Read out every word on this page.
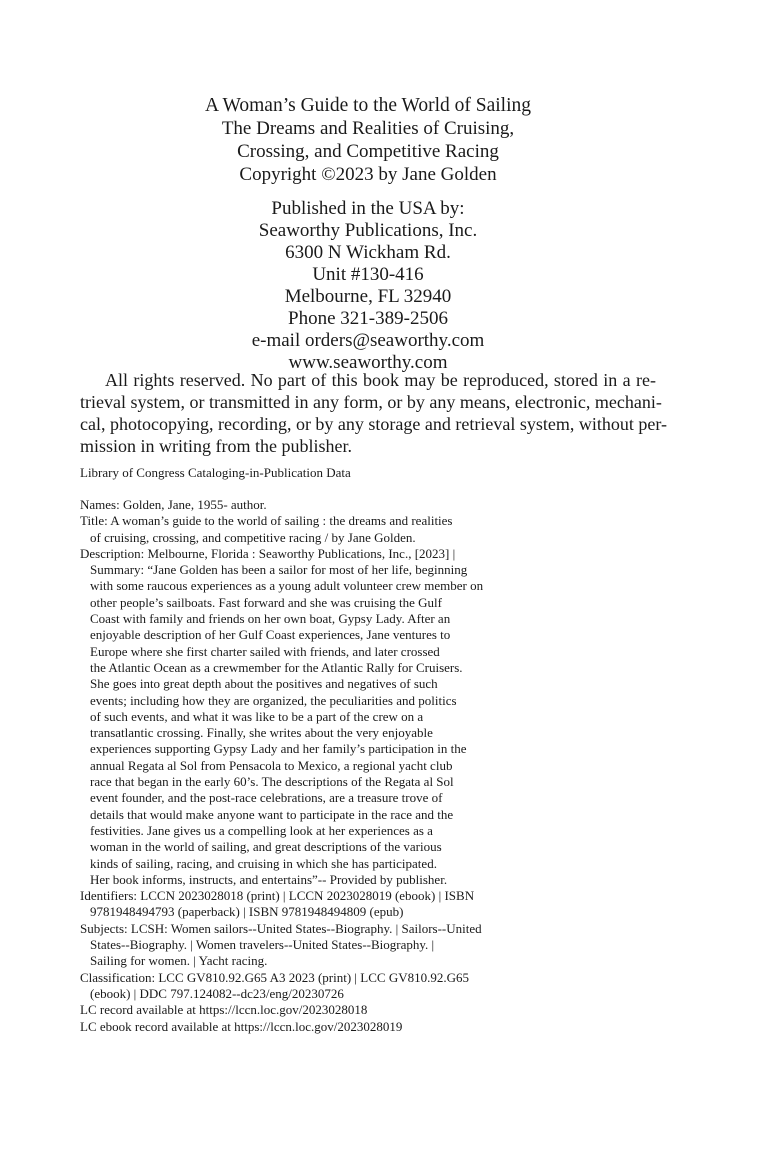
A Woman’s Guide to the World of Sailing
The Dreams and Realities of Cruising,
Crossing, and Competitive Racing
Copyright ©2023 by Jane Golden
Published in the USA by:
Seaworthy Publications, Inc.
6300 N Wickham Rd.
Unit #130-416
Melbourne, FL 32940
Phone 321-389-2506
e-mail orders@seaworthy.com
www.seaworthy.com
All rights reserved. No part of this book may be reproduced, stored in a re-
trieval system, or transmitted in any form, or by any means, electronic, mechani-
cal, photocopying, recording, or by any storage and retrieval system, without per-
mission in writing from the publisher.
Library of Congress Cataloging-in-Publication Data
Names: Golden, Jane, 1955- author.
Title: A woman’s guide to the world of sailing : the dreams and realities
of cruising, crossing, and competitive racing / by Jane Golden.
Description: Melbourne, Florida : Seaworthy Publications, Inc., [2023] |
Summary: “Jane Golden has been a sailor for most of her life, beginning
with some raucous experiences as a young adult volunteer crew member on
other people’s sailboats. Fast forward and she was cruising the Gulf
Coast with family and friends on her own boat, Gypsy Lady. After an
enjoyable description of her Gulf Coast experiences, Jane ventures to
Europe where she first charter sailed with friends, and later crossed
the Atlantic Ocean as a crewmember for the Atlantic Rally for Cruisers.
She goes into great depth about the positives and negatives of such
events; including how they are organized, the peculiarities and politics
of such events, and what it was like to be a part of the crew on a
transatlantic crossing. Finally, she writes about the very enjoyable
experiences supporting Gypsy Lady and her family’s participation in the
annual Regata al Sol from Pensacola to Mexico, a regional yacht club
race that began in the early 60’s. The descriptions of the Regata al Sol
event founder, and the post-race celebrations, are a treasure trove of
details that would make anyone want to participate in the race and the
festivities. Jane gives us a compelling look at her experiences as a
woman in the world of sailing, and great descriptions of the various
kinds of sailing, racing, and cruising in which she has participated.
Her book informs, instructs, and entertains”-- Provided by publisher.
Identifiers: LCCN 2023028018 (print) | LCCN 2023028019 (ebook) | ISBN
9781948494793 (paperback) | ISBN 9781948494809 (epub)
Subjects: LCSH: Women sailors--United States--Biography. | Sailors--United
States--Biography. | Women travelers--United States--Biography. |
Sailing for women. | Yacht racing.
Classification: LCC GV810.92.G65 A3 2023 (print) | LCC GV810.92.G65
(ebook) | DDC 797.124082--dc23/eng/20230726
LC record available at https://lccn.loc.gov/2023028018
LC ebook record available at https://lccn.loc.gov/2023028019
